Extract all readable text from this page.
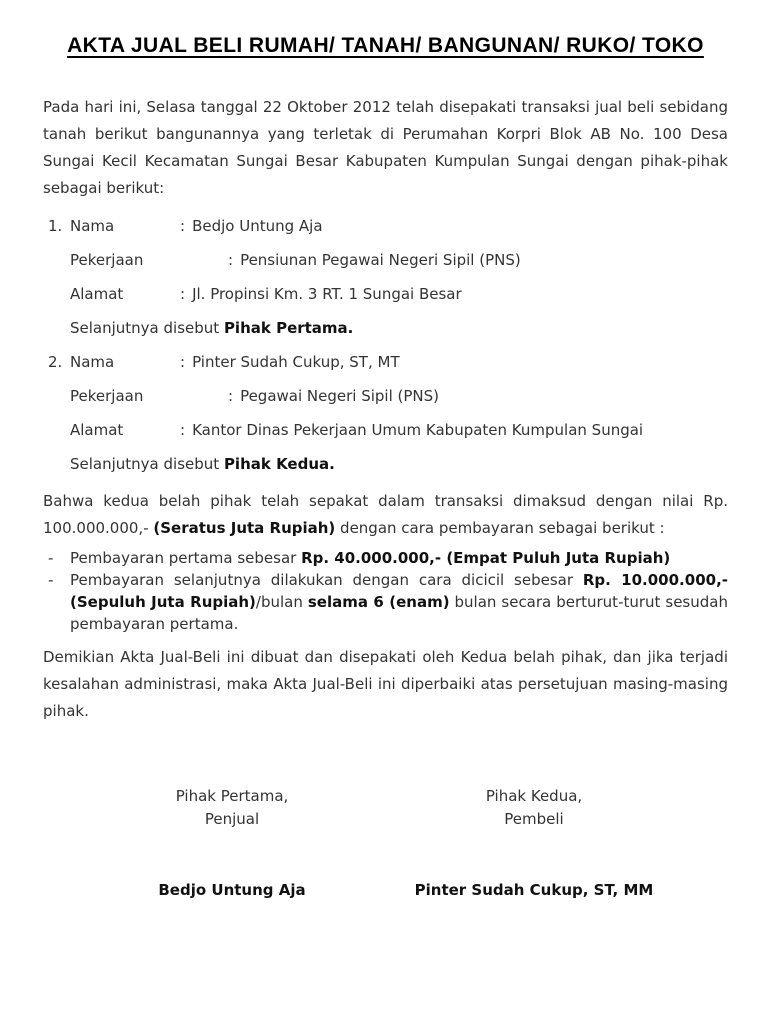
AKTA JUAL BELI RUMAH/ TANAH/ BANGUNAN/ RUKO/ TOKO

Pada hari ini, Selasa tanggal 22 Oktober 2012 telah disepakati transaksi jual beli sebidang tanah berikut bangunannya yang terletak di Perumahan Korpri Blok AB No. 100 Desa Sungai Kecil Kecamatan Sungai Besar Kabupaten Kumpulan Sungai dengan pihak-pihak sebagai berikut:

1. Nama	: Bedjo Untung Aja
Pekerjaan	: Pensiunan Pegawai Negeri Sipil (PNS)
Alamat	: Jl. Propinsi Km. 3 RT. 1 Sungai Besar
Selanjutnya disebut Pihak Pertama.
2. Nama	: Pinter Sudah Cukup, ST, MT
Pekerjaan	: Pegawai Negeri Sipil (PNS)
Alamat	: Kantor Dinas Pekerjaan Umum Kabupaten Kumpulan Sungai
Selanjutnya disebut Pihak Kedua.

Bahwa kedua belah pihak telah sepakat dalam transaksi dimaksud dengan nilai Rp. 100.000.000,- (Seratus Juta Rupiah) dengan cara pembayaran sebagai berikut :

-	Pembayaran pertama sebesar Rp. 40.000.000,- (Empat Puluh Juta Rupiah)
-	Pembayaran selanjutnya dilakukan dengan cara dicicil sebesar Rp. 10.000.000,- (Sepuluh Juta Rupiah)/bulan selama 6 (enam) bulan secara berturut-turut sesudah pembayaran pertama.

Demikian Akta Jual-Beli ini dibuat dan disepakati oleh Kedua belah pihak, dan jika terjadi kesalahan administrasi, maka Akta Jual-Beli ini diperbaiki atas persetujuan masing-masing pihak.

Pihak Pertama,
Penjual
Bedjo Untung Aja
Pihak Kedua,
Pembeli
Pinter Sudah Cukup, ST, MM
